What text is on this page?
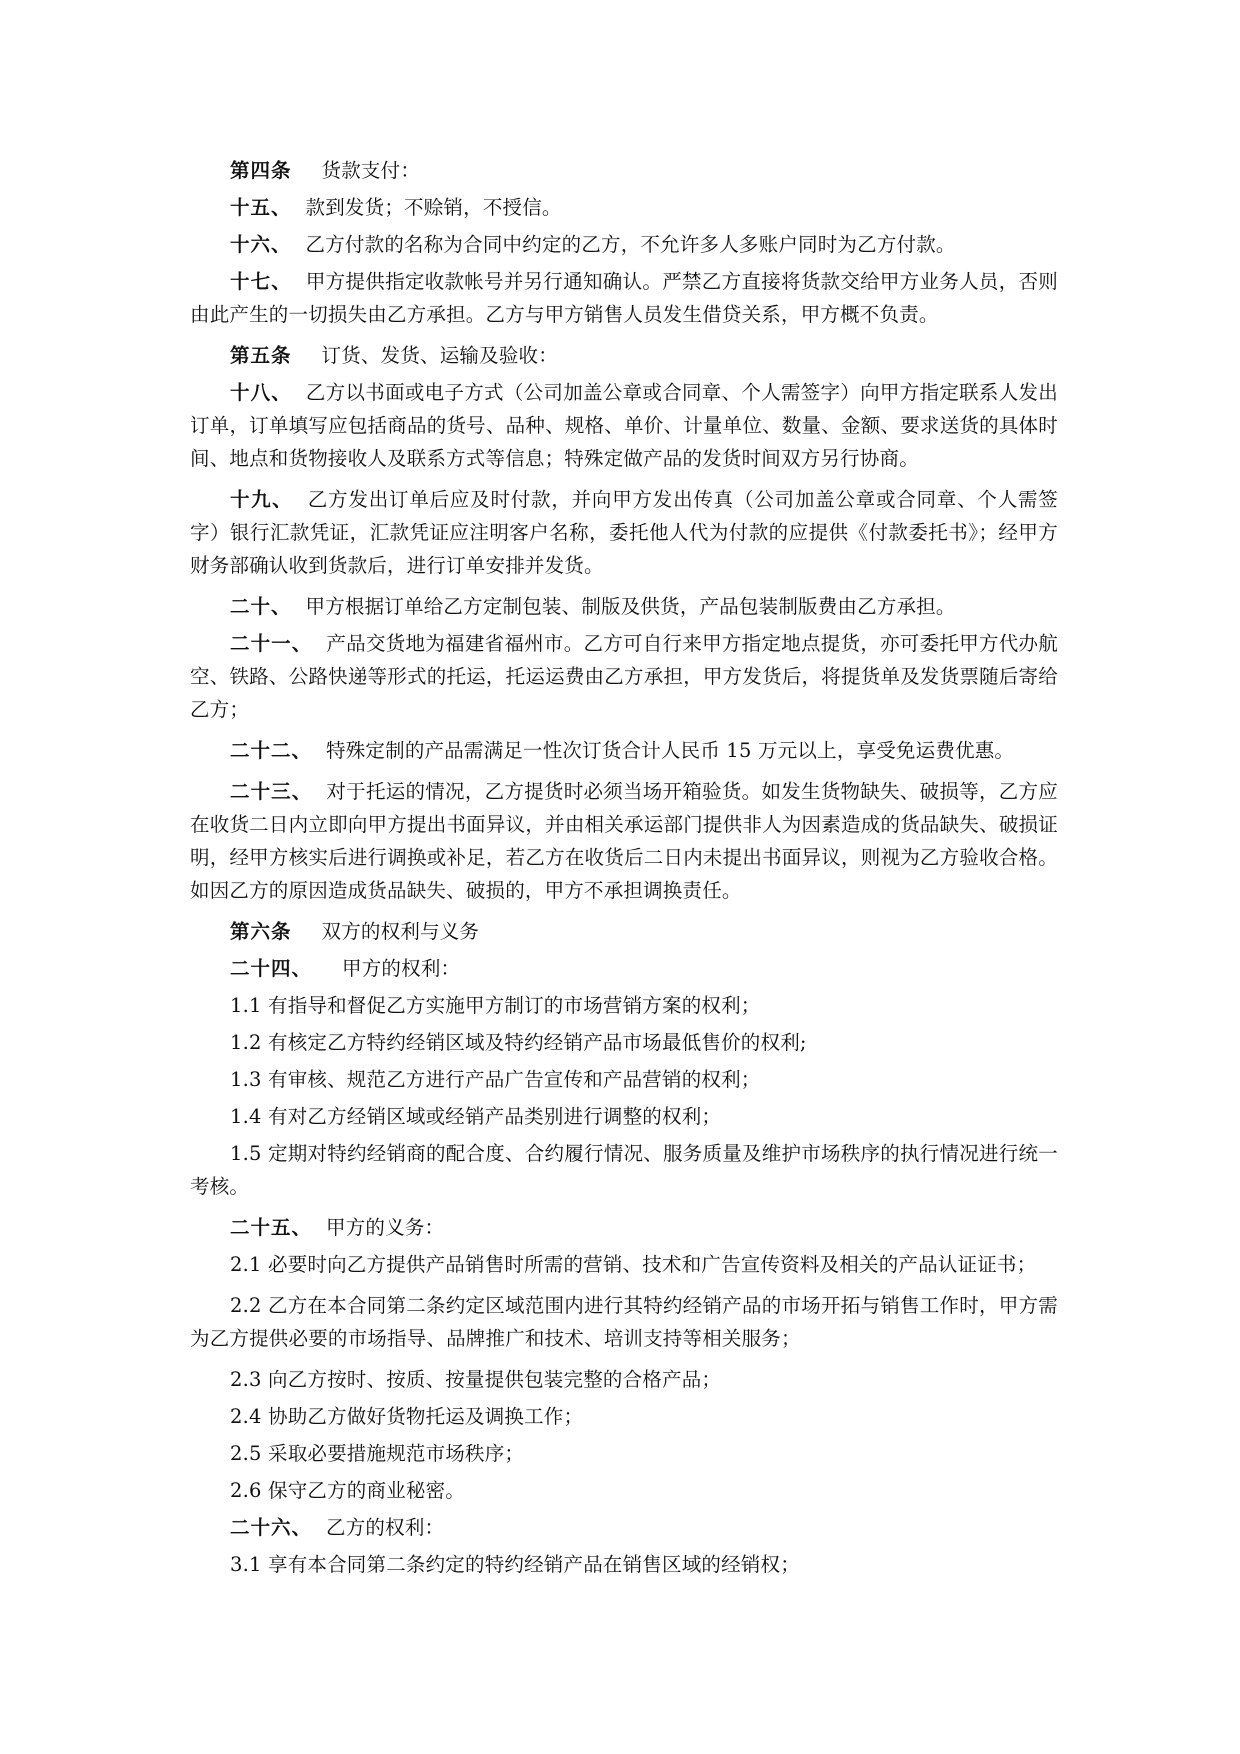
第四条 货款支付：

十五、 款到发货；不赊销，不授信。

十六、 乙方付款的名称为合同中约定的乙方，不允许多人多账户同时为乙方付款。

十七、 甲方提供指定收款帐号并另行通知确认。严禁乙方直接将货款交给甲方业务人员，否则由此产生的一切损失由乙方承担。乙方与甲方销售人员发生借贷关系，甲方概不负责。

第五条 订货、发货、运输及验收：

十八、 乙方以书面或电子方式（公司加盖公章或合同章、个人需签字）向甲方指定联系人发出订单，订单填写应包括商品的货号、品种、规格、单价、计量单位、数量、金额、要求送货的具体时间、地点和货物接收人及联系方式等信息；特殊定做产品的发货时间双方另行协商。

十九、 乙方发出订单后应及时付款，并向甲方发出传真（公司加盖公章或合同章、个人需签字）银行汇款凭证，汇款凭证应注明客户名称，委托他人代为付款的应提供《付款委托书》；经甲方财务部确认收到货款后，进行订单安排并发货。

二十、 甲方根据订单给乙方定制包装、制版及供货，产品包装制版费由乙方承担。

二十一、 产品交货地为福建省福州市。乙方可自行来甲方指定地点提货，亦可委托甲方代办航空、铁路、公路快递等形式的托运，托运运费由乙方承担，甲方发货后，将提货单及发货票随后寄给乙方；

二十二、 特殊定制的产品需满足一性次订货合计人民币 15 万元以上，享受免运费优惠。

二十三、 对于托运的情况，乙方提货时必须当场开箱验货。如发生货物缺失、破损等，乙方应在收货二日内立即向甲方提出书面异议，并由相关承运部门提供非人为因素造成的货品缺失、破损证明，经甲方核实后进行调换或补足，若乙方在收货后二日内未提出书面异议，则视为乙方验收合格。如因乙方的原因造成货品缺失、破损的，甲方不承担调换责任。

第六条 双方的权利与义务

二十四、 甲方的权利：

1.1 有指导和督促乙方实施甲方制订的市场营销方案的权利；

1.2 有核定乙方特约经销区域及特约经销产品市场最低售价的权利;

1.3 有审核、规范乙方进行产品广告宣传和产品营销的权利；

1.4 有对乙方经销区域或经销产品类别进行调整的权利；

1.5 定期对特约经销商的配合度、合约履行情况、服务质量及维护市场秩序的执行情况进行统一考核。

二十五、 甲方的义务：

2.1 必要时向乙方提供产品销售时所需的营销、技术和广告宣传资料及相关的产品认证证书；

2.2 乙方在本合同第二条约定区域范围内进行其特约经销产品的市场开拓与销售工作时，甲方需为乙方提供必要的市场指导、品牌推广和技术、培训支持等相关服务；

2.3 向乙方按时、按质、按量提供包装完整的合格产品；

2.4 协助乙方做好货物托运及调换工作；

2.5 采取必要措施规范市场秩序；

2.6 保守乙方的商业秘密。

二十六、 乙方的权利：

3.1 享有本合同第二条约定的特约经销产品在销售区域的经销权；
